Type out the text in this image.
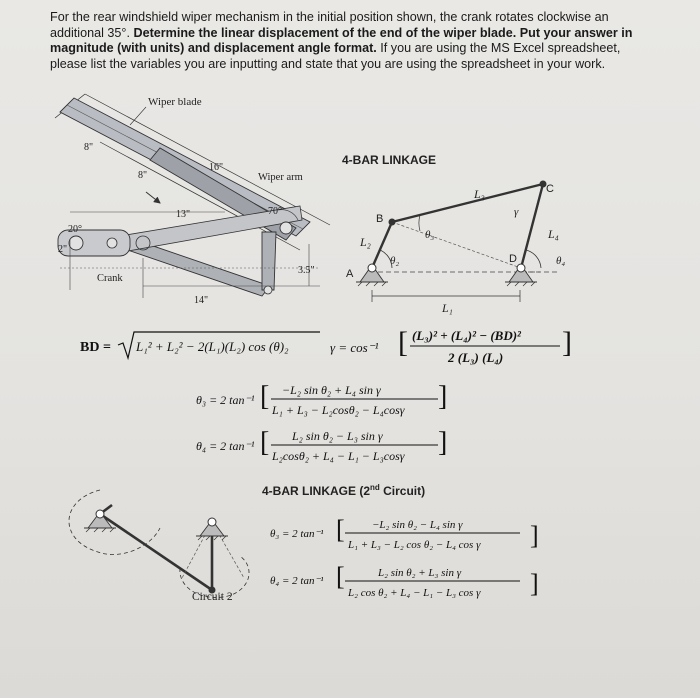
For the rear windshield wiper mechanism in the initial position shown, the crank rotates clockwise an additional 35°. Determine the linear displacement of the end of the wiper blade. Put your answer in magnitude (with units) and displacement angle format. If you are using the MS Excel spreadsheet, please list the variables you are inputting and state that you are using the spreadsheet in your work.
Wiper blade
Wiper arm
Crank
8"
8"
16"
13"
20°
70°
2"
3.5"
14"
4-BAR LINKAGE
B
C
D
A
L₂
L₃
L₄
L₁
θ₂
θ₃
θ₄
γ
BD = L₁² + L₂² − 2(L₁)(L₂) cos (θ)₂	γ = cos⁻¹ [ (L₃)² + (L₄)² − (BD)²
2 (L₃) (L₄) ]
θ₃ = 2 tan⁻¹ [ −L₂ sin θ₂ + L₄ sin γ
L₁ + L₃ − L₂cosθ₂ − L₄cosγ ]
θ₄ = 2 tan⁻¹ [ L₂ sin θ₂ − L₃ sin γ
L₂cosθ₂ + L₄ − L₁ − L₃cosγ ]
4-BAR LINKAGE (2nd Circuit)
Circuit 2
θ₃ = 2 tan⁻¹ [ −L₂ sin θ₂ − L₄ sin γ
L₁ + L₃ − L₂ cos θ₂ − L₄ cos γ ]
θ₄ = 2 tan⁻¹ [	L₂ sin θ₂ + L₃ sin γ
L₂ cos θ₂ + L₄ − L₁ − L₃ cos γ ]
